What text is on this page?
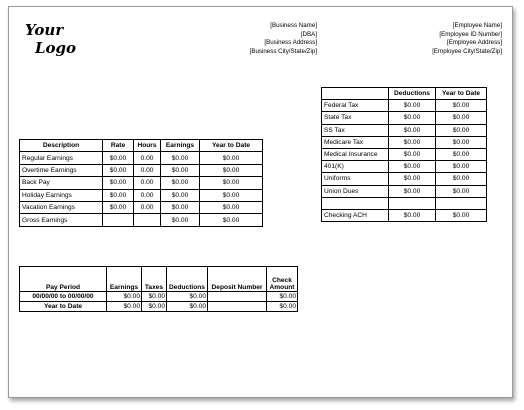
Your
Logo
[Business Name]
[DBA]
[Business Address]
[Business City/State/Zip]
[Employee Name]
[Employee ID Number]
[Employee Address]
[Employee City/State/Zip]
Description	Rate	Hours	Earnings	Year to Date
Regular Earnings	$0.00	0.00	$0.00	$0.00
Overtime Earnings	$0.00	0.00	$0.00	$0.00
Back Pay	$0.00	0.00	$0.00	$0.00
Holiday Earnings	$0.00	0.00	$0.00	$0.00
Vacation Earnings	$0.00	0.00	$0.00	$0.00
Gross Earnings			$0.00	$0.00
	Deductions	Year to Date
Federal Tax	$0.00	$0.00
State Tax	$0.00	$0.00
SS Tax	$0.00	$0.00
Medicare Tax	$0.00	$0.00
Medical Insurance	$0.00	$0.00
401(K)	$0.00	$0.00
Uniforms	$0.00	$0.00
Union Dues	$0.00	$0.00

Checking ACH	$0.00	$0.00
Pay Period	Earnings	Taxes	Deductions	Deposit Number	Check Amount
00/00/00 to 00/00/00	$0.00	$0.00	$0.00		$0.00
Year to Date	$0.00	$0.00	$0.00		$0.00
